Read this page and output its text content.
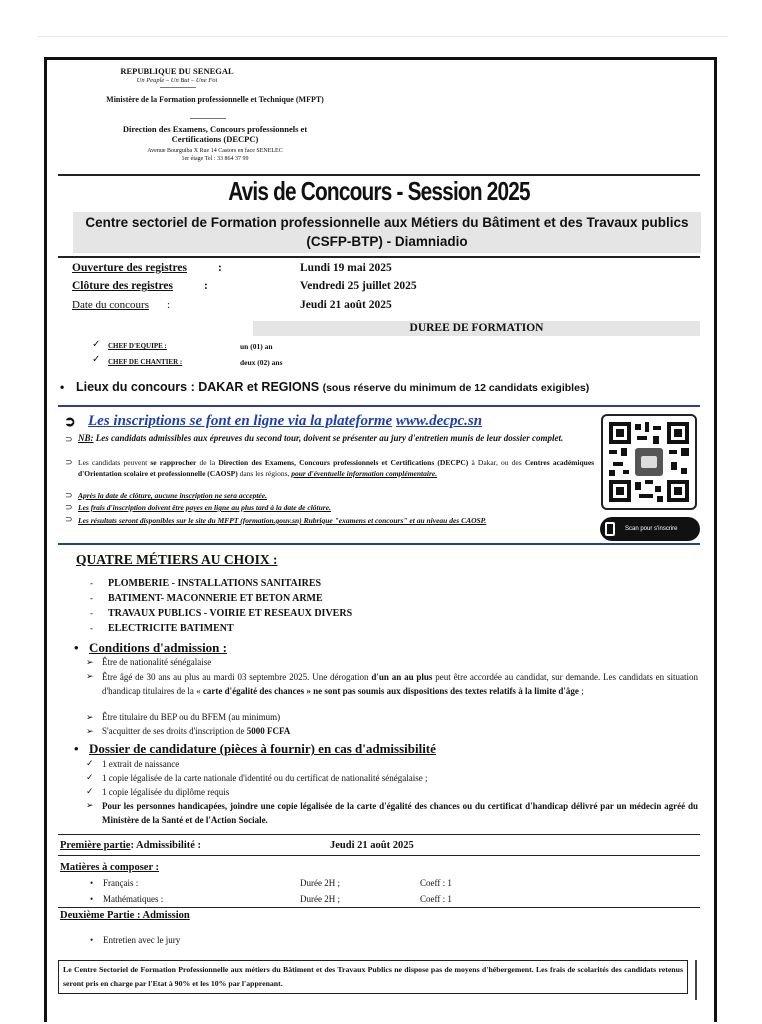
REPUBLIQUE DU SENEGAL
Un Peuple – Un But – Une Foi
Ministère de la Formation professionnelle et Technique (MFPT)
Direction des Examens, Concours professionnels et Certifications (DECPC)
Avenue Bourguiba X Rue 14 Castors en face SENELEC
1er étage Tel : 33 864 37 99
Avis de Concours - Session 2025
Centre sectoriel de Formation professionnelle aux Métiers du Bâtiment et des Travaux publics (CSFP-BTP) - Diamniadio
Ouverture des registres	:	Lundi 19 mai 2025
Clôture des registres	:	Vendredi 25 juillet 2025
Date du concours :	Jeudi 21 août 2025
DUREE DE FORMATION
✓ CHEF D'EQUIPE :	un (01) an
✓ CHEF DE CHANTIER :	deux (02) ans
• Lieux du concours : DAKAR et REGIONS (sous réserve du minimum de 12 candidats exigibles)
➲ Les inscriptions se font en ligne via la plateforme www.decpc.sn
⊃ NB: Les candidats admissibles aux épreuves du second tour, doivent se présenter au jury d'entretien munis de leur dossier complet.
⊃ Les candidats peuvent se rapprocher de la Direction des Examens, Concours professionnels et Certifications (DECPC) à Dakar, ou des Centres académiques d'Orientation scolaire et professionnelle (CAOSP) dans les régions, pour d'éventuelle information complémentaire.
⊃ Après la date de clôture, aucune inscription ne sera acceptée.
⊃ Les frais d'inscription doivent être payes en ligne au plus tard à la date de clôture.
⊃ Les résultats seront disponibles sur le site du MFPT (formation.gouv.sn) Rubrique "examens et concours" et au niveau des CAOSP.
Scan pour s'inscrire
QUATRE MÉTIERS AU CHOIX :
- PLOMBERIE - INSTALLATIONS SANITAIRES
- BATIMENT- MACONNERIE ET BETON ARME
- TRAVAUX PUBLICS - VOIRIE ET RESEAUX DIVERS
- ELECTRICITE BATIMENT
• Conditions d'admission :
➢ Être de nationalité sénégalaise
➢ Être âgé de 30 ans au plus au mardi 03 septembre 2025. Une dérogation d'un an au plus peut être accordée au candidat, sur demande. Les candidats en situation d'handicap titulaires de la « carte d'égalité des chances » ne sont pas soumis aux dispositions des textes relatifs à la limite d'âge ;
➢ Être titulaire du BEP ou du BFEM (au minimum)
➢ S'acquitter de ses droits d'inscription de 5000 FCFA
• Dossier de candidature (pièces à fournir) en cas d'admissibilité
✓ 1 extrait de naissance
✓ 1 copie légalisée de la carte nationale d'identité ou du certificat de nationalité sénégalaise ;
✓ 1 copie légalisée du diplôme requis
➢ Pour les personnes handicapées, joindre une copie légalisée de la carte d'égalité des chances ou du certificat d'handicap délivré par un médecin agréé du Ministère de la Santé et de l'Action Sociale.
Première partie: Admissibilité :	Jeudi 21 août 2025
Matières à composer :
• Français :	Durée 2H ;	Coeff : 1
• Mathématiques :	Durée 2H ;	Coeff : 1
Deuxième Partie : Admission
• Entretien avec le jury
Le Centre Sectoriel de Formation Professionnelle aux métiers du Bâtiment et des Travaux Publics ne dispose pas de moyens d'hébergement. Les frais de scolarités des candidats retenus seront pris en charge par l'Etat à 90% et les 10% par l'apprenant.
